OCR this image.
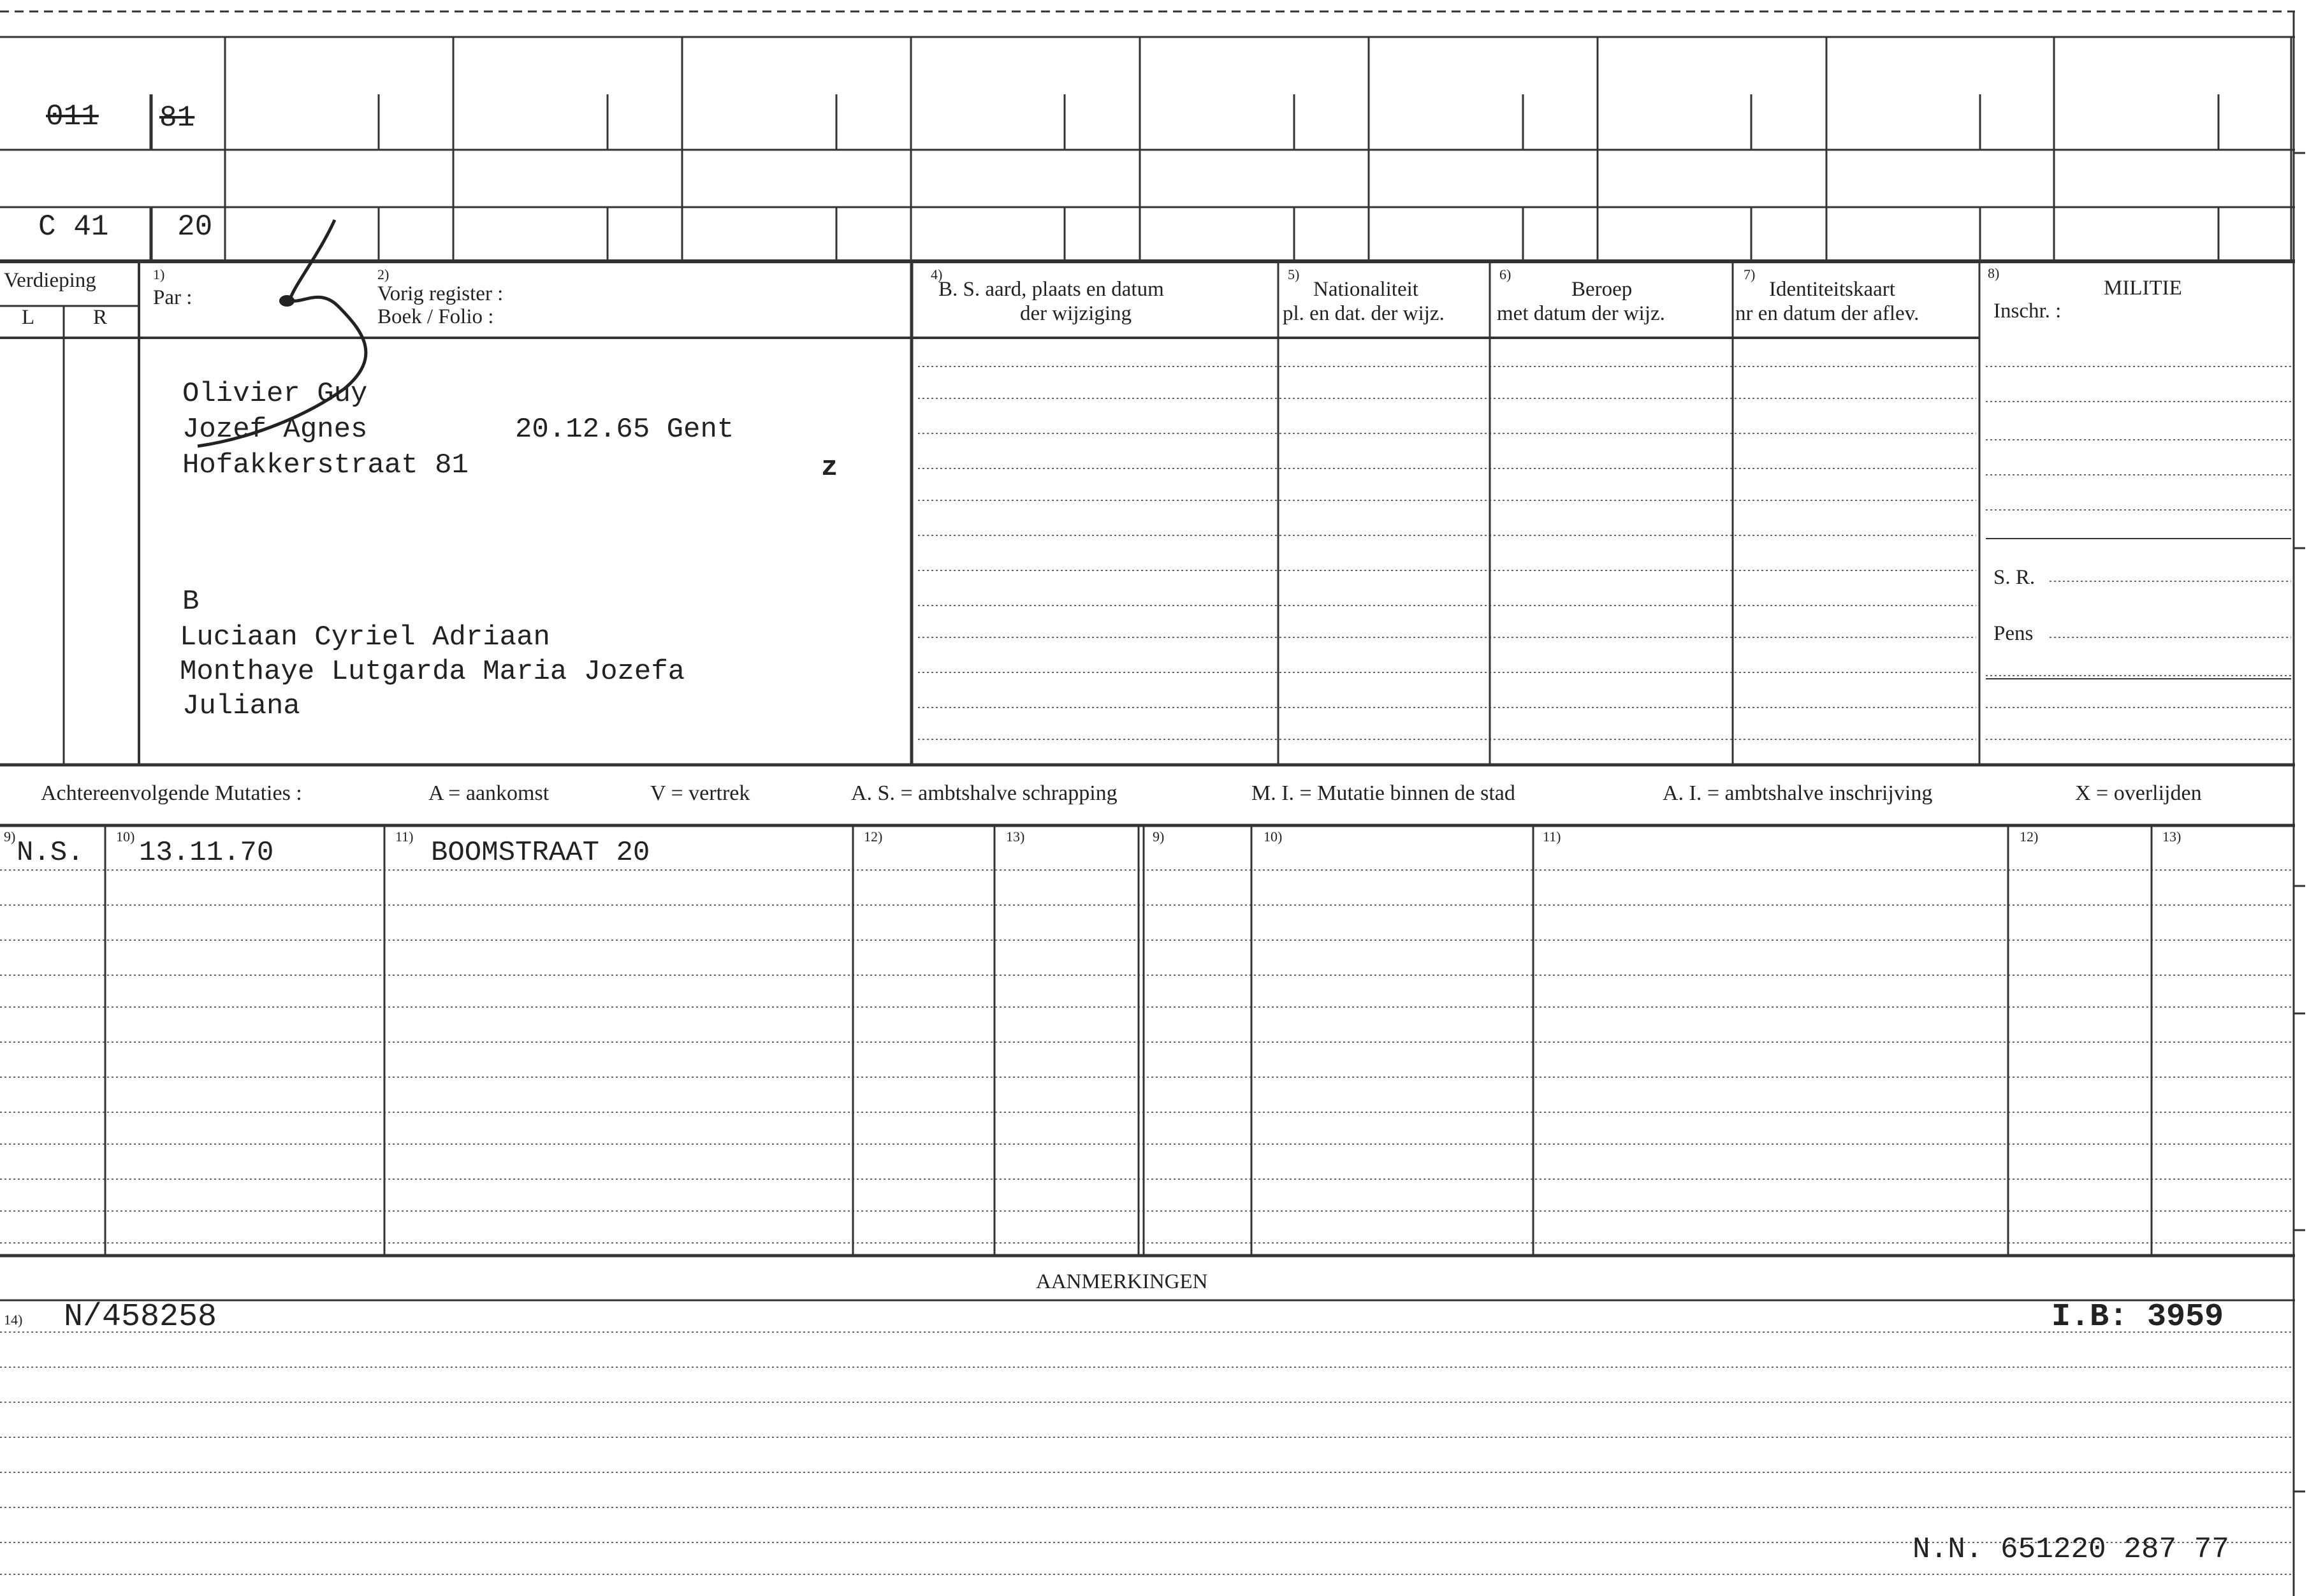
011 81
C 41 20
Verdieping
L	R
1)
Par :
2)
Vorig register :
Boek / Folio :
4)
B. S. aard, plaats en datum
der wijziging
5)
Nationaliteit
pl. en dat. der wijz.
6)
Beroep
met datum der wijz.
7)
Identiteitskaart
nr en datum der aflev.
8)
MILITIE
Inschr. :
S. R.
Pens
Olivier Guy
Jozef Agnes	20.12.65 Gent
Hofakkerstraat 81	z
B
Luciaan Cyriel Adriaan
Monthaye Lutgarda Maria Jozefa
Juliana
Achtereenvolgende Mutaties :	A = aankomst	V = vertrek	A. S. = ambtshalve schrapping	M. I. = Mutatie binnen de stad	A. I. = ambtshalve inschrijving	X = overlijden
9)	10)	11)	12)	13)	9)	10)	11)	12)	13)
N.S. 13.11.70	BOOMSTRAAT 20
AANMERKINGEN
14) N/458258	I.B: 3959
N.N. 651220 287 77
